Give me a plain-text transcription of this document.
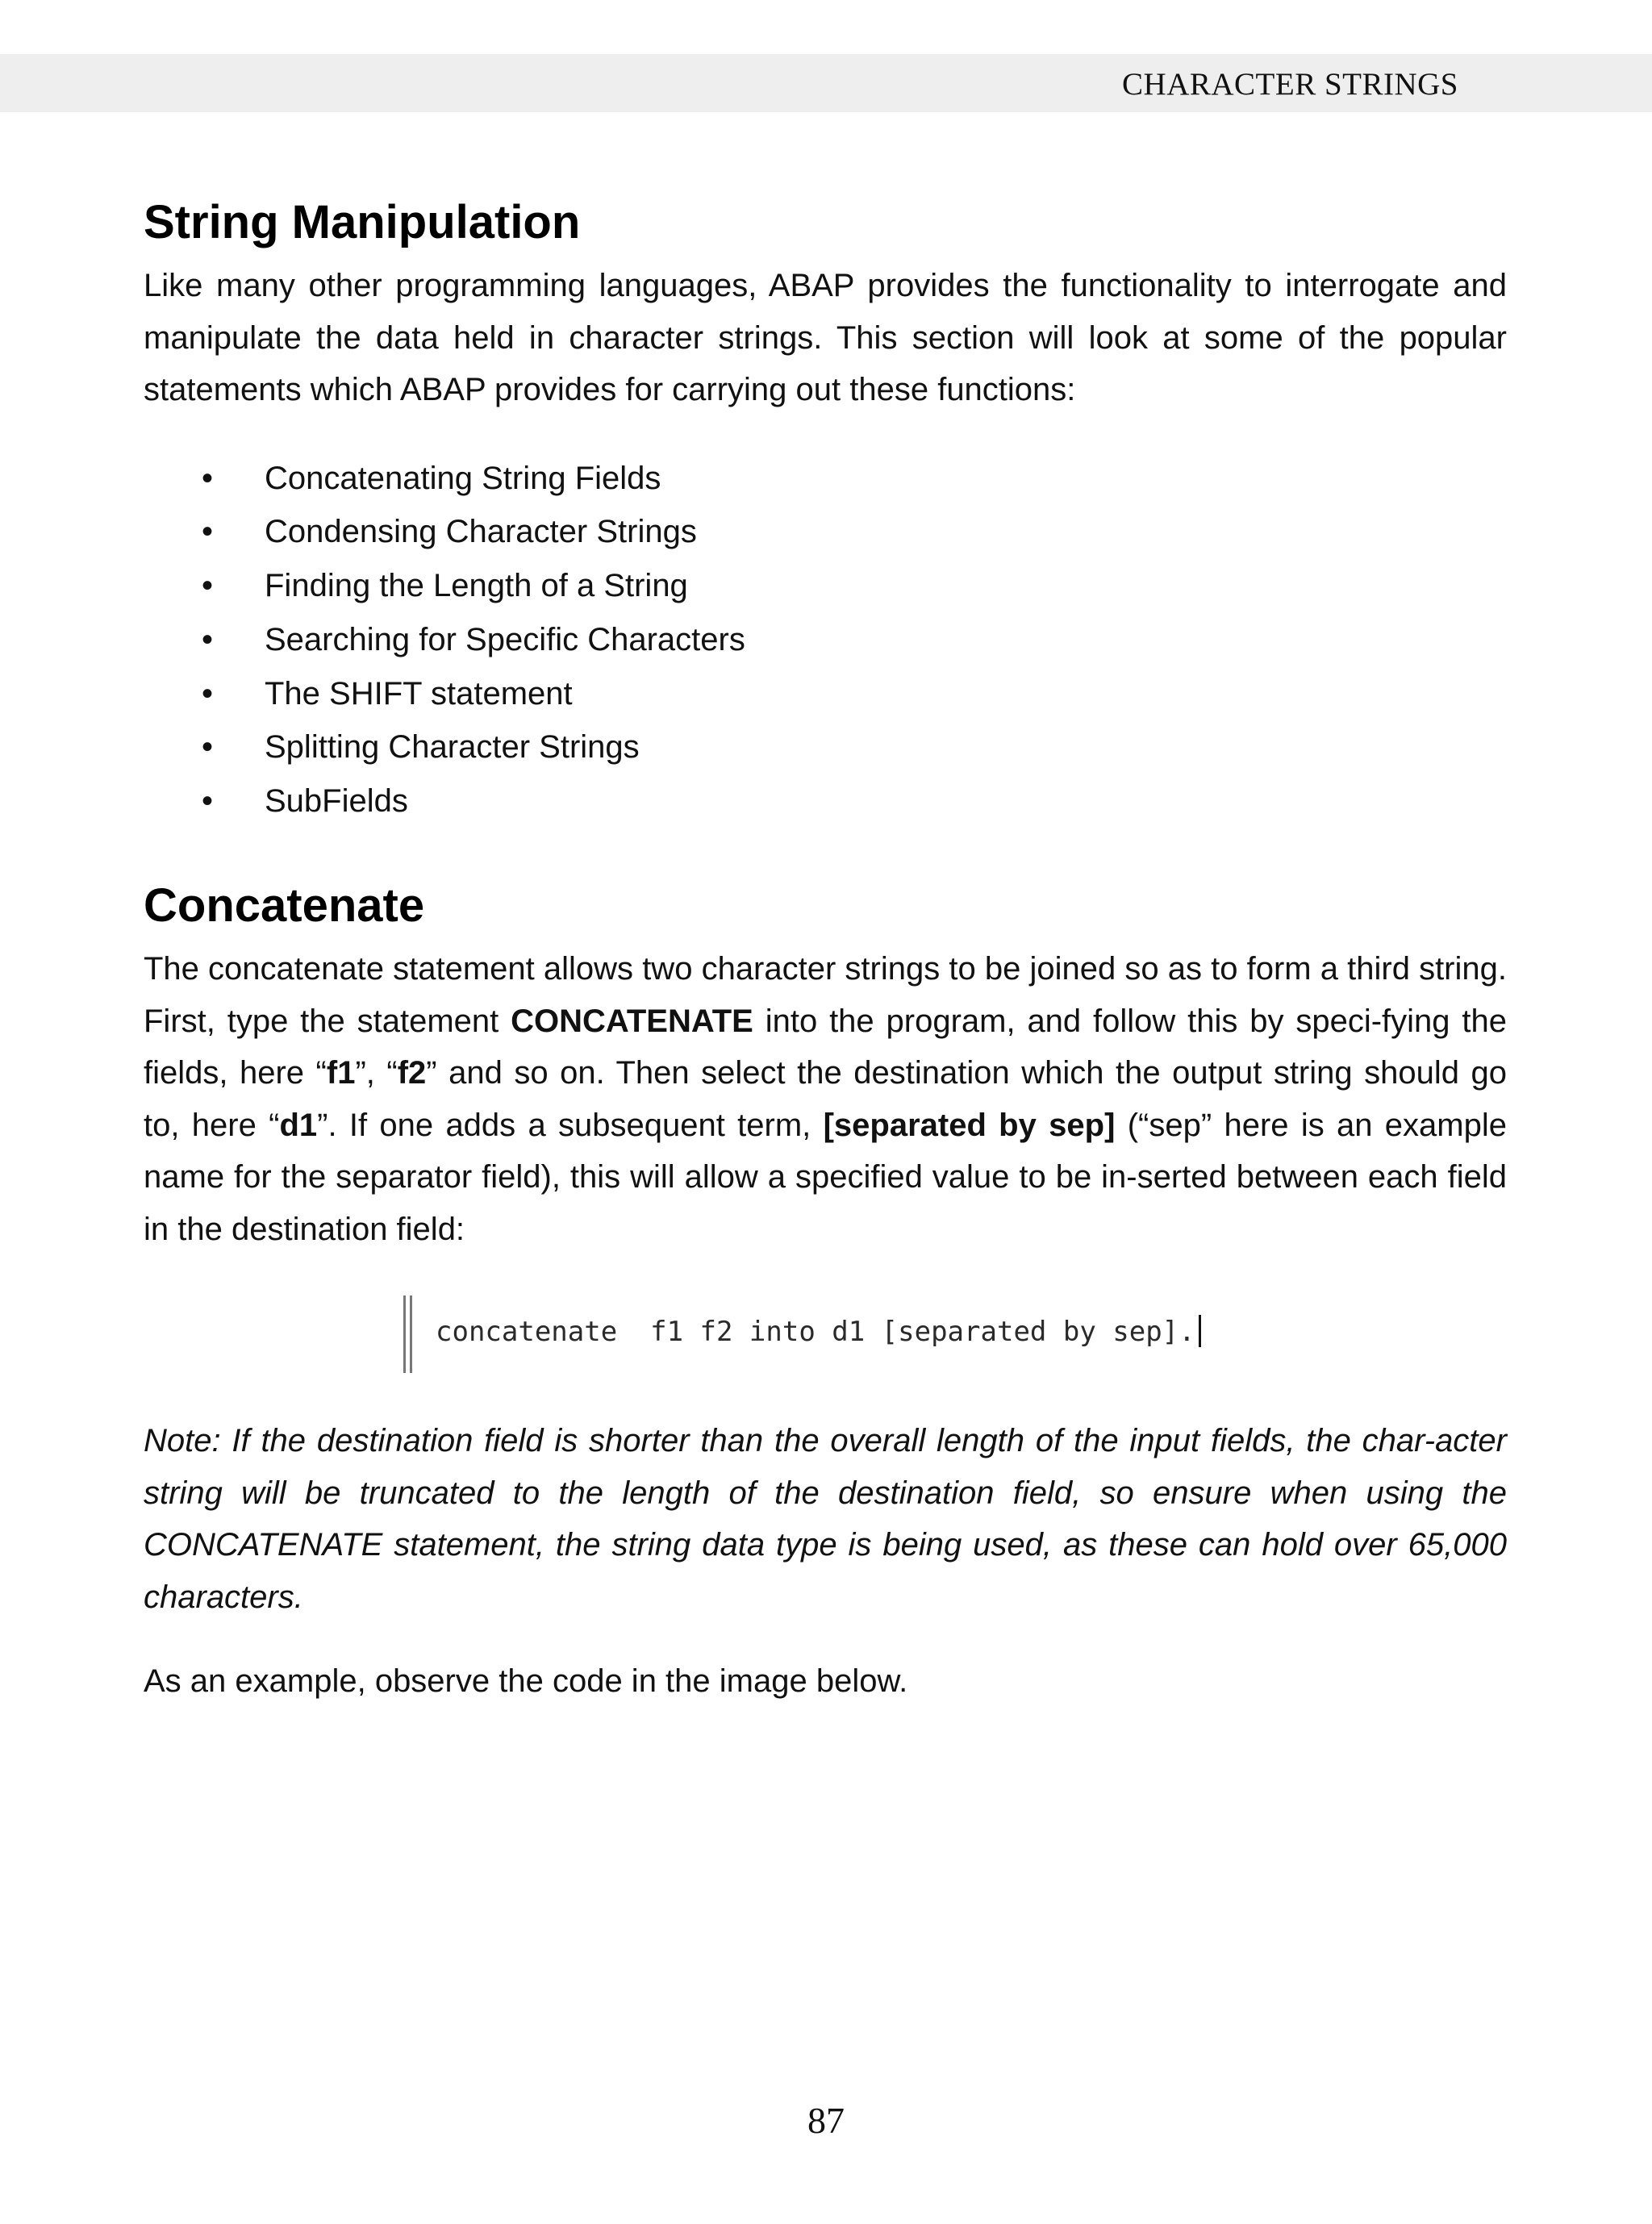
CHARACTER STRINGS
String Manipulation

Like many other programming languages, ABAP provides the functionality to interrogate and manipulate the data held in character strings. This section will look at some of the popular statements which ABAP provides for carrying out these functions:

• Concatenating String Fields
• Condensing Character Strings
• Finding the Length of a String
• Searching for Specific Characters
• The SHIFT statement
• Splitting Character Strings
• SubFields
Concatenate

The concatenate statement allows two character strings to be joined so as to form a third string. First, type the statement CONCATENATE into the program, and follow this by speci-fying the fields, here “f1”, “f2” and so on. Then select the destination which the output string should go to, here “d1”. If one adds a subsequent term, [separated by sep] (“sep” here is an example name for the separator field), this will allow a specified value to be in-serted between each field in the destination field:

concatenate  f1 f2 into d1 [separated by sep].

Note: If the destination field is shorter than the overall length of the input fields, the char-acter string will be truncated to the length of the destination field, so ensure when using the CONCATENATE statement, the string data type is being used, as these can hold over 65,000 characters.

As an example, observe the code in the image below.

87
